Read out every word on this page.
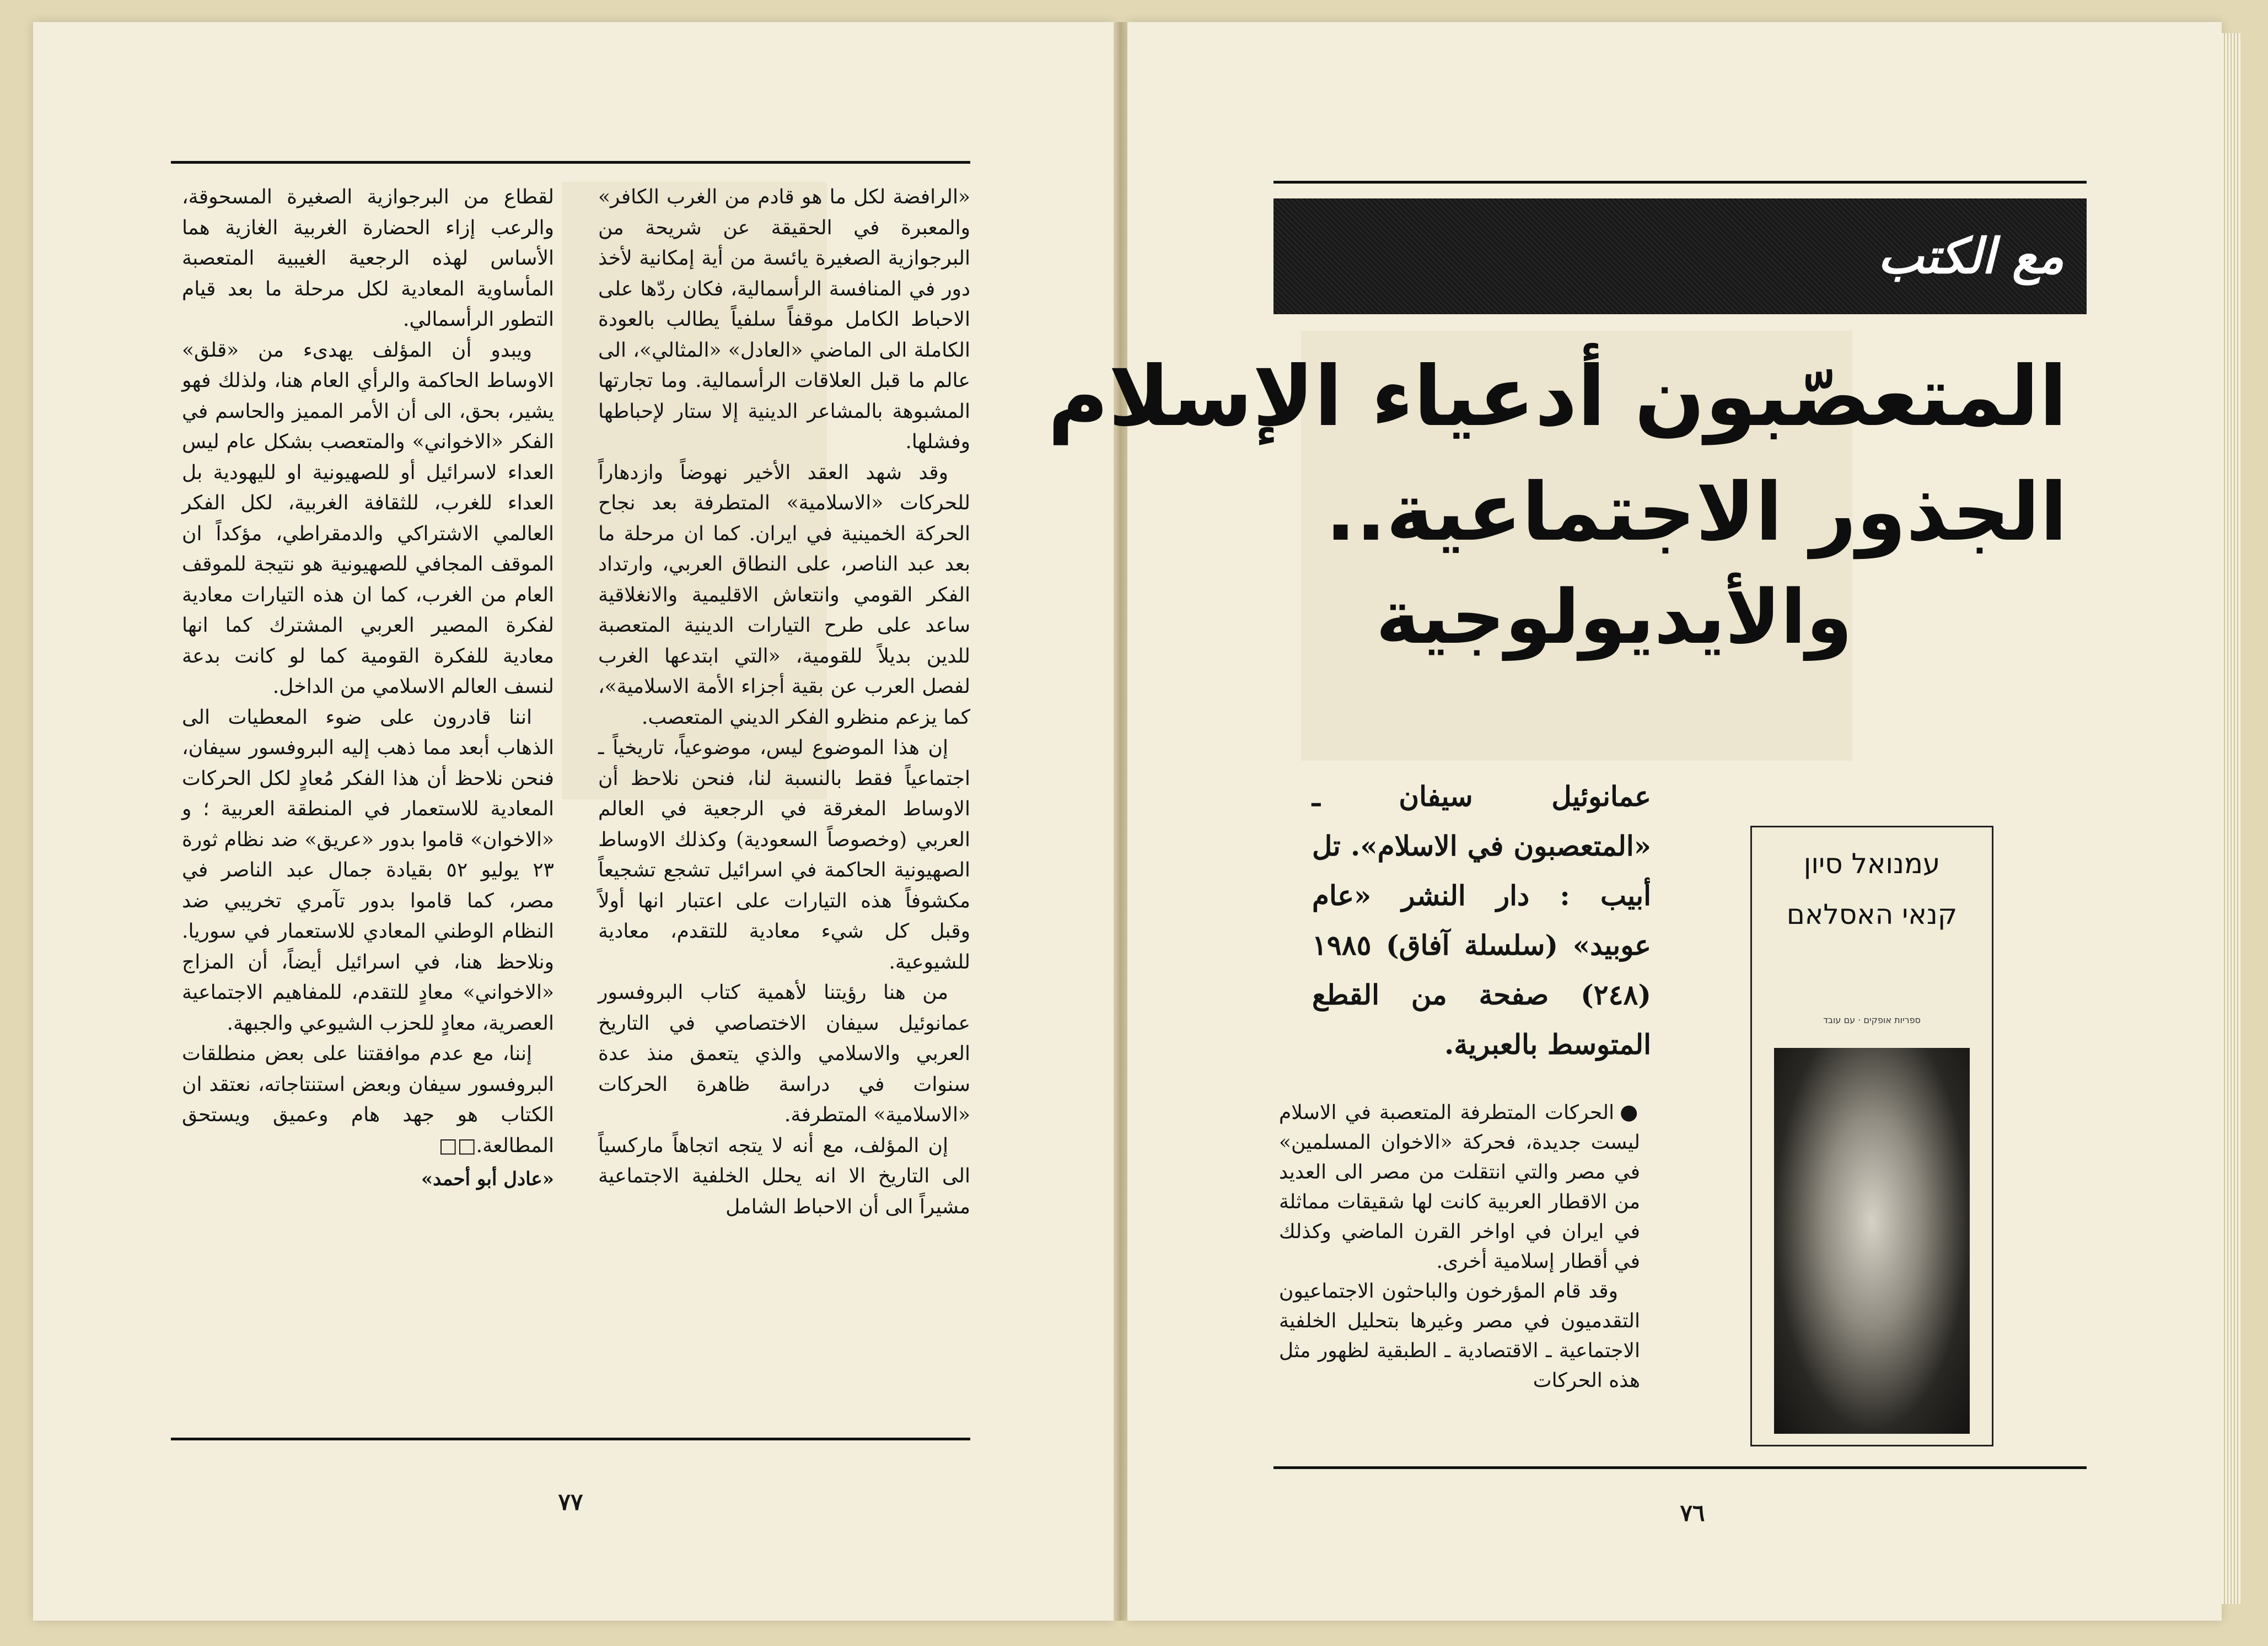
«الرافضة لكل ما هو قادم من الغرب الكافر» والمعبرة في الحقيقة عن شريحة من البرجوازية الصغيرة يائسة من أية إمكانية لأخذ دور في المنافسة الرأسمالية، فكان ردّها على الاحباط الكامل موقفاً سلفياً يطالب بالعودة الكاملة الى الماضي «العادل» «المثالي»، الى عالم ما قبل العلاقات الرأسمالية. وما تجارتها المشبوهة بالمشاعر الدينية إلا ستار لإحباطها وفشلها.

وقد شهد العقد الأخير نهوضاً وازدهاراً للحركات «الاسلامية» المتطرفة بعد نجاح الحركة الخمينية في ايران. كما ان مرحلة ما بعد عبد الناصر، على النطاق العربي، وارتداد الفكر القومي وانتعاش الاقليمية والانغلاقية ساعد على طرح التيارات الدينية المتعصبة للدين بديلاً للقومية، «التي ابتدعها الغرب لفصل العرب عن بقية أجزاء الأمة الاسلامية»، كما يزعم منظرو الفكر الديني المتعصب.

إن هذا الموضوع ليس، موضوعياً، تاريخياً ـ اجتماعياً فقط بالنسبة لنا، فنحن نلاحظ أن الاوساط المغرقة في الرجعية في العالم العربي (وخصوصاً السعودية) وكذلك الاوساط الصهيونية الحاكمة في اسرائيل تشجع تشجيعاً مكشوفاً هذه التيارات على اعتبار انها أولاً وقبل كل شيء معادية للتقدم، معادية للشيوعية.

من هنا رؤيتنا لأهمية كتاب البروفسور عمانوئيل سيفان الاختصاصي في التاريخ العربي والاسلامي والذي يتعمق منذ عدة سنوات في دراسة ظاهرة الحركات «الاسلامية» المتطرفة.

إن المؤلف، مع أنه لا يتجه اتجاهاً ماركسياً الى التاريخ الا انه يحلل الخلفية الاجتماعية مشيراً الى أن الاحباط الشامل

لقطاع من البرجوازية الصغيرة المسحوقة، والرعب إزاء الحضارة الغربية الغازية هما الأساس لهذه الرجعية الغيبية المتعصبة المأساوية المعادية لكل مرحلة ما بعد قيام التطور الرأسمالي.

ويبدو أن المؤلف يهدىء من «قلق» الاوساط الحاكمة والرأي العام هنا، ولذلك فهو يشير، بحق، الى أن الأمر المميز والحاسم في الفكر «الاخواني» والمتعصب بشكل عام ليس العداء لاسرائيل أو للصهيونية او لليهودية بل العداء للغرب، للثقافة الغربية، لكل الفكر العالمي الاشتراكي والدمقراطي، مؤكداً ان الموقف المجافي للصهيونية هو نتيجة للموقف العام من الغرب، كما ان هذه التيارات معادية لفكرة المصير العربي المشترك كما انها معادية للفكرة القومية كما لو كانت بدعة لنسف العالم الاسلامي من الداخل.

اننا قادرون على ضوء المعطيات الى الذهاب أبعد مما ذهب إليه البروفسور سيفان، فنحن نلاحظ أن هذا الفكر مُعادٍ لكل الحركات المعادية للاستعمار في المنطقة العربية ؛ و «الاخوان» قاموا بدور «عريق» ضد نظام ثورة ٢٣ يوليو ٥٢ بقيادة جمال عبد الناصر في مصر، كما قاموا بدور تآمري تخريبي ضد النظام الوطني المعادي للاستعمار في سوريا. ونلاحظ هنا، في اسرائيل أيضاً، أن المزاج «الاخواني» معادٍ للتقدم، للمفاهيم الاجتماعية العصرية، معادٍ للحزب الشيوعي والجبهة.

إننا، مع عدم موافقتنا على بعض منطلقات البروفسور سيفان وبعض استنتاجاته، نعتقد ان الكتاب هو جهد هام وعميق ويستحق المطالعة.□□

«عادل أبو أحمد»
٧٧
مع الكتب
المتعصّبون أدعياء الإسلام
الجذور الاجتماعية..
والأيديولوجية
عمانوئيل سيفان ـ «المتعصبون في الاسلام». تل أبيب : دار النشر «عام عوبيد» (سلسلة آفاق) ١٩٨٥ (٢٤٨) صفحة من القطع المتوسط بالعبرية.

●الحركات المتطرفة المتعصبة في الاسلام ليست جديدة، فحركة «الاخوان المسلمين» في مصر والتي انتقلت من مصر الى العديد من الاقطار العربية كانت لها شقيقات مماثلة في ايران في اواخر القرن الماضي وكذلك في أقطار إسلامية أخرى.

وقد قام المؤرخون والباحثون الاجتماعيون التقدميون في مصر وغيرها بتحليل الخلفية الاجتماعية ـ الاقتصادية ـ الطبقية لظهور مثل هذه الحركات

עמנואל סיון
קנאי האסלאם
ספריות אופקים · עם עובד
٧٦
